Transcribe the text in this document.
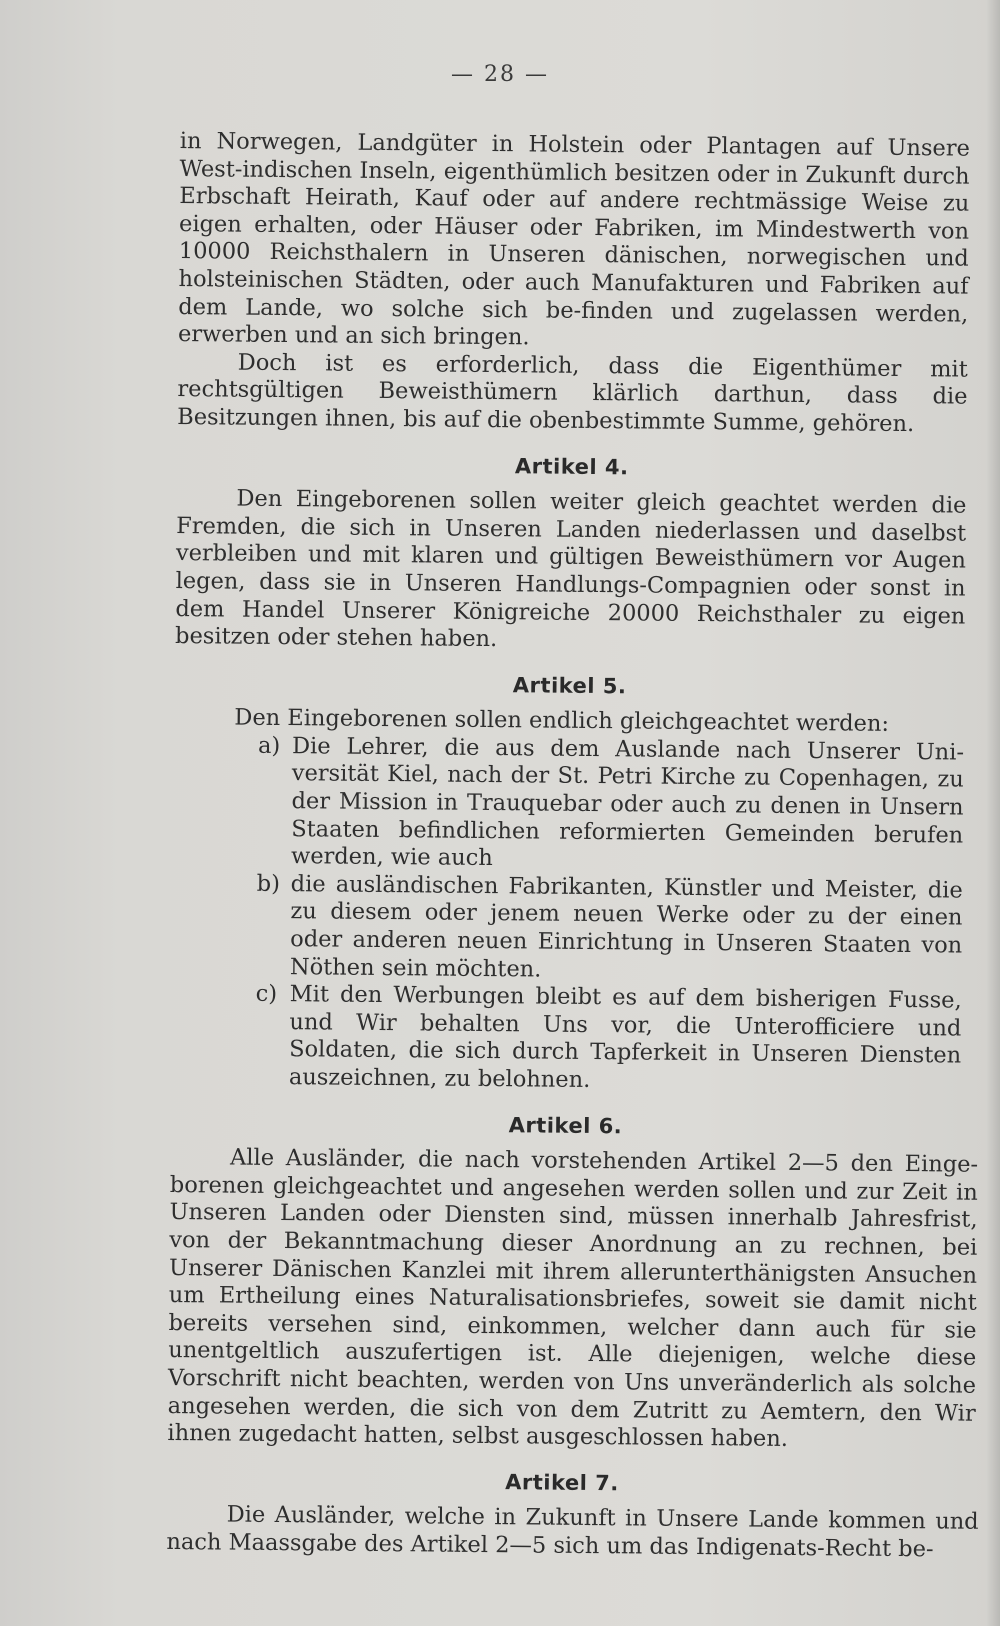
— 28 —

in Norwegen, Landgüter in Holstein oder Plantagen auf Unsere West-indischen Inseln, eigenthümlich besitzen oder in Zukunft durch Erbschaft Heirath, Kauf oder auf andere rechtmässige Weise zu eigen erhalten, oder Häuser oder Fabriken, im Mindestwerth von 10000 Reichsthalern in Unseren dänischen, norwegischen und holsteinischen Städten, oder auch Manufakturen und Fabriken auf dem Lande, wo solche sich be-finden und zugelassen werden, erwerben und an sich bringen.

Doch ist es erforderlich, dass die Eigenthümer mit rechtsgültigen Beweisthümern klärlich darthun, dass die Besitzungen ihnen, bis auf die obenbestimmte Summe, gehören.

Artikel 4.

Den Eingeborenen sollen weiter gleich geachtet werden die Fremden, die sich in Unseren Landen niederlassen und daselbst verbleiben und mit klaren und gültigen Beweisthümern vor Augen legen, dass sie in Unseren Handlungs-Compagnien oder sonst in dem Handel Unserer Königreiche 20000 Reichsthaler zu eigen besitzen oder stehen haben.

Artikel 5.

Den Eingeborenen sollen endlich gleichgeachtet werden:

a) Die Lehrer, die aus dem Auslande nach Unserer Uni-versität Kiel, nach der St. Petri Kirche zu Copenhagen, zu der Mission in Trauquebar oder auch zu denen in Unsern Staaten befindlichen reformierten Gemeinden berufen werden, wie auch
b) die ausländischen Fabrikanten, Künstler und Meister, die zu diesem oder jenem neuen Werke oder zu der einen oder anderen neuen Einrichtung in Unseren Staaten von Nöthen sein möchten.
c) Mit den Werbungen bleibt es auf dem bisherigen Fusse, und Wir behalten Uns vor, die Unterofficiere und Soldaten, die sich durch Tapferkeit in Unseren Diensten auszeichnen, zu belohnen.
Artikel 6.

Alle Ausländer, die nach vorstehenden Artikel 2—5 den Einge-borenen gleichgeachtet und angesehen werden sollen und zur Zeit in Unseren Landen oder Diensten sind, müssen innerhalb Jahresfrist, von der Bekanntmachung dieser Anordnung an zu rechnen, bei Unserer Dänischen Kanzlei mit ihrem allerunterthänigsten Ansuchen um Ertheilung eines Naturalisationsbriefes, soweit sie damit nicht bereits versehen sind, einkommen, welcher dann auch für sie unentgeltlich auszufertigen ist. Alle diejenigen, welche diese Vorschrift nicht beachten, werden von Uns unveränderlich als solche angesehen werden, die sich von dem Zutritt zu Aemtern, den Wir ihnen zugedacht hatten, selbst ausgeschlossen haben.

Artikel 7.

Die Ausländer, welche in Zukunft in Unsere Lande kommen und nach Maassgabe des Artikel 2—5 sich um das Indigenats-Recht be-
